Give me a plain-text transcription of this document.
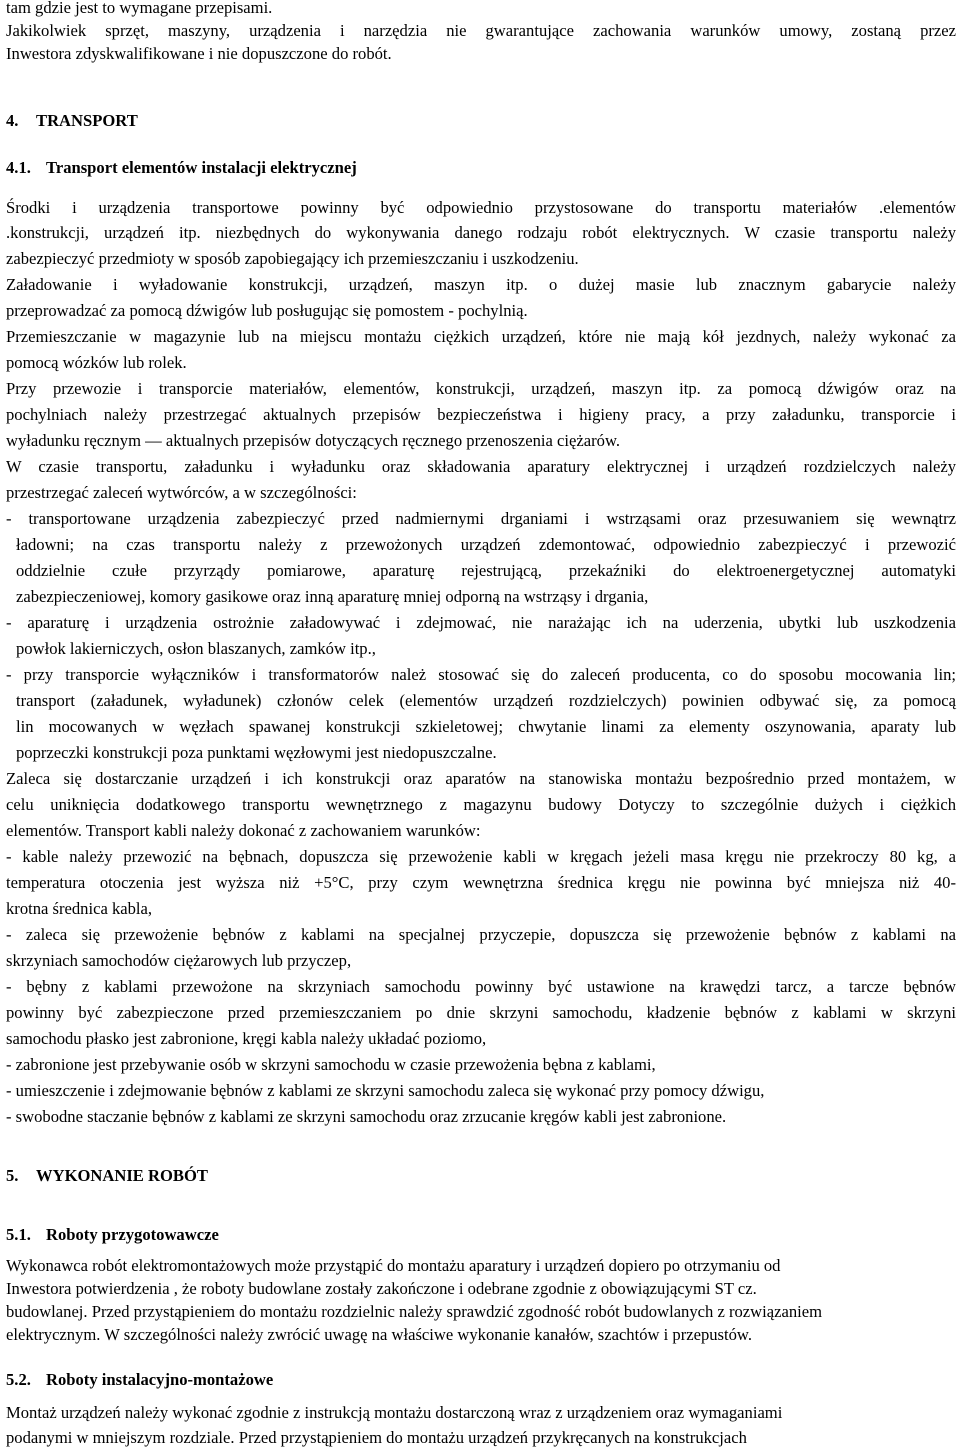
tam gdzie jest to wymagane przepisami.
Jakikolwiek sprzęt, maszyny, urządzenia i narzędzia nie gwarantujące zachowania warunków umowy, zostaną przez
Inwestora zdyskwalifikowane i nie dopuszczone do robót.
4. TRANSPORT
4.1. Transport elementów instalacji elektrycznej
Środki i urządzenia transportowe powinny być odpowiednio przystosowane do transportu materiałów .elementów
.konstrukcji, urządzeń itp. niezbędnych do wykonywania danego rodzaju robót elektrycznych. W czasie transportu należy
zabezpieczyć przedmioty w sposób zapobiegający ich przemieszczaniu i uszkodzeniu.
Załadowanie i wyładowanie konstrukcji, urządzeń, maszyn itp. o dużej masie lub znacznym gabarycie należy
przeprowadzać za pomocą dźwigów lub posługując się pomostem - pochylnią.
Przemieszczanie w magazynie lub na miejscu montażu ciężkich urządzeń, które nie mają kół jezdnych, należy wykonać za
pomocą wózków lub rolek.
Przy przewozie i transporcie materiałów, elementów, konstrukcji, urządzeń, maszyn itp. za pomocą dźwigów oraz na
pochylniach należy przestrzegać aktualnych przepisów bezpieczeństwa i higieny pracy, a przy załadunku, transporcie i
wyładunku ręcznym — aktualnych przepisów dotyczących ręcznego przenoszenia ciężarów.
W czasie transportu, załadunku i wyładunku oraz składowania aparatury elektrycznej i urządzeń rozdzielczych należy
przestrzegać zaleceń wytwórców, a w szczególności:
- transportowane urządzenia zabezpieczyć przed nadmiernymi drganiami i wstrząsami oraz przesuwaniem się wewnątrz
ładowni; na czas transportu należy z przewożonych urządzeń zdemontować, odpowiednio zabezpieczyć i przewozić
oddzielnie czułe przyrządy pomiarowe, aparaturę rejestrującą, przekaźniki do elektroenergetycznej automatyki
zabezpieczeniowej, komory gasikowe oraz inną aparaturę mniej odporną na wstrząsy i drgania,
- aparaturę i urządzenia ostrożnie załadowywać i zdejmować, nie narażając ich na uderzenia, ubytki lub uszkodzenia
powłok lakierniczych, osłon blaszanych, zamków itp.,
- przy transporcie wyłączników i transformatorów należ stosować się do zaleceń producenta, co do sposobu mocowania lin;
transport (załadunek, wyładunek) członów celek (elementów urządzeń rozdzielczych) powinien odbywać się, za pomocą
lin mocowanych w węzłach spawanej konstrukcji szkieletowej; chwytanie linami za elementy oszynowania, aparaty lub
poprzeczki konstrukcji poza punktami węzłowymi jest niedopuszczalne.
Zaleca się dostarczanie urządzeń i ich konstrukcji oraz aparatów na stanowiska montażu bezpośrednio przed montażem, w
celu uniknięcia dodatkowego transportu wewnętrznego z magazynu budowy Dotyczy to szczególnie dużych i ciężkich
elementów. Transport kabli należy dokonać z zachowaniem warunków:
- kable należy przewozić na bębnach, dopuszcza się przewożenie kabli w kręgach jeżeli masa kręgu nie przekroczy 80 kg, a
temperatura otoczenia jest wyższa niż +5°C, przy czym wewnętrzna średnica kręgu nie powinna być mniejsza niż 40-
krotna średnica kabla,
- zaleca się przewożenie bębnów z kablami na specjalnej przyczepie, dopuszcza się przewożenie bębnów z kablami na
skrzyniach samochodów ciężarowych lub przyczep,
- bębny z kablami przewożone na skrzyniach samochodu powinny być ustawione na krawędzi tarcz, a tarcze bębnów
powinny być zabezpieczone przed przemieszczaniem po dnie skrzyni samochodu, kładzenie bębnów z kablami w skrzyni
samochodu płasko jest zabronione, kręgi kabla należy układać poziomo,
- zabronione jest przebywanie osób w skrzyni samochodu w czasie przewożenia bębna z kablami,
- umieszczenie i zdejmowanie bębnów z kablami ze skrzyni samochodu zaleca się wykonać przy pomocy dźwigu,
- swobodne staczanie bębnów z kablami ze skrzyni samochodu oraz zrzucanie kręgów kabli jest zabronione.
5. WYKONANIE ROBÓT
5.1. Roboty przygotowawcze
Wykonawca robót elektromontażowych może przystąpić do montażu aparatury i urządzeń dopiero po otrzymaniu od
Inwestora potwierdzenia , że roboty budowlane zostały zakończone i odebrane zgodnie z obowiązującymi ST cz.
budowlanej. Przed przystąpieniem do montażu rozdzielnic należy sprawdzić zgodność robót budowlanych z rozwiązaniem
elektrycznym. W szczególności należy zwrócić uwagę na właściwe wykonanie kanałów, szachtów i przepustów.
5.2. Roboty instalacyjno-montażowe
Montaż urządzeń należy wykonać zgodnie z instrukcją montażu dostarczoną wraz z urządzeniem oraz wymaganiami
podanymi w mniejszym rozdziale. Przed przystąpieniem do montażu urządzeń przykręcanych na konstrukcjach
